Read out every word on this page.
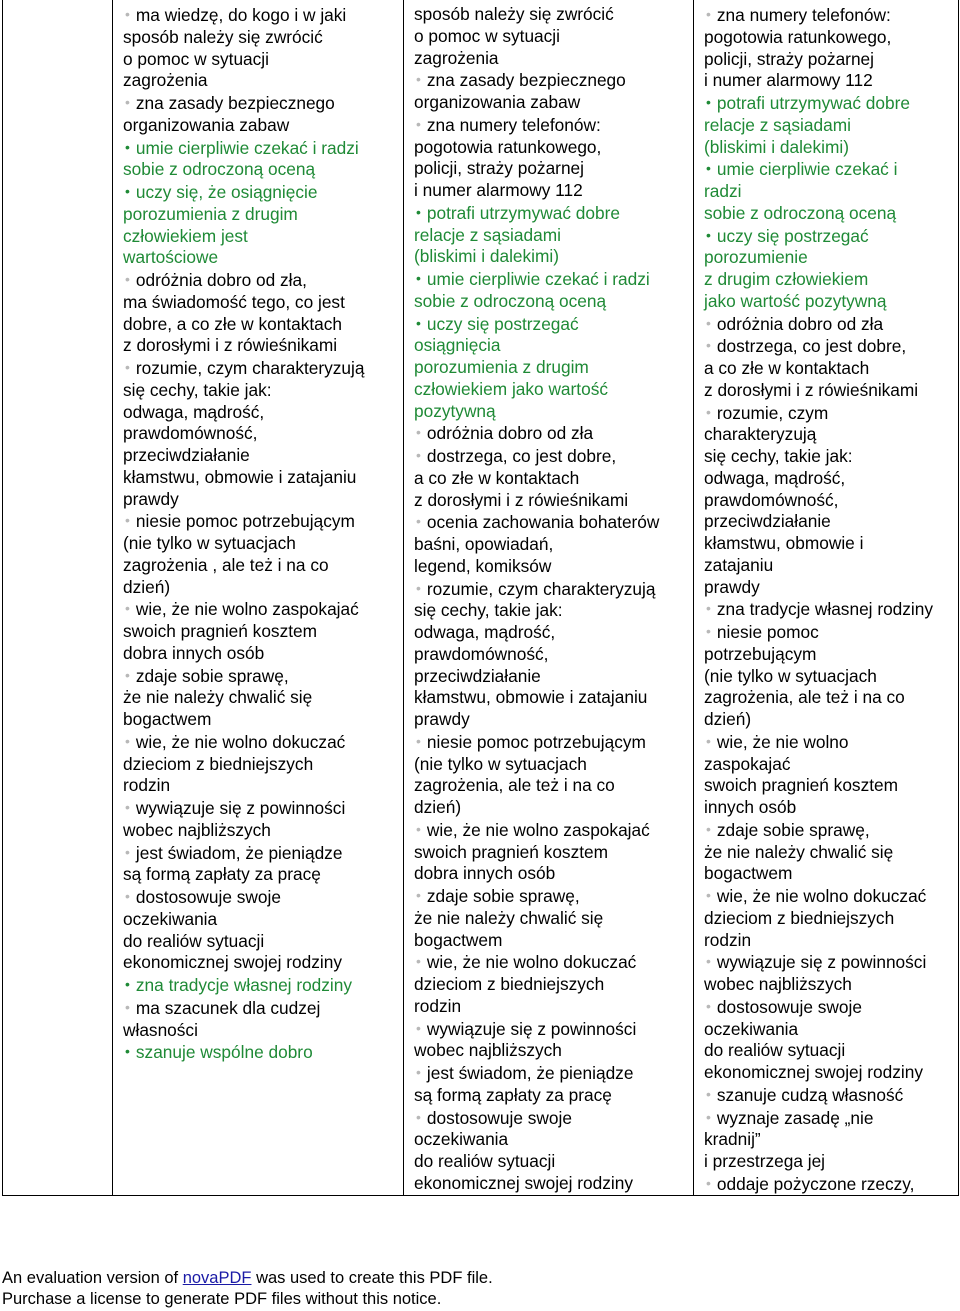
• ma wiedzę, do kogo i w jaki
sposób należy się zwrócić
o pomoc w sytuacji
zagrożenia
• zna zasady bezpiecznego
organizowania zabaw
• umie cierpliwie czekać i radzi
sobie z odroczoną oceną
• uczy się, że osiągnięcie
porozumienia z drugim
człowiekiem jest
wartościowe
• odróżnia dobro od zła,
ma świadomość tego, co jest
dobre, a co złe w kontaktach
z dorosłymi i z rówieśnikami
• rozumie, czym charakteryzują
się cechy, takie jak:
odwaga, mądrość,
prawdomówność,
przeciwdziałanie
kłamstwu, obmowie i zatajaniu
prawdy
• niesie pomoc potrzebującym
(nie tylko w sytuacjach
zagrożenia , ale też i na co
dzień)
• wie, że nie wolno zaspokajać
swoich pragnień kosztem
dobra innych osób
• zdaje sobie sprawę,
że nie należy chwalić się
bogactwem
• wie, że nie wolno dokuczać
dzieciom z biedniejszych
rodzin
• wywiązuje się z powinności
wobec najbliższych
• jest świadom, że pieniądze
są formą zapłaty za pracę
• dostosowuje swoje
oczekiwania
do realiów sytuacji
ekonomicznej swojej rodziny
• zna tradycje własnej rodziny
• ma szacunek dla cudzej
własności
• szanuje wspólne dobro
sposób należy się zwrócić
o pomoc w sytuacji
zagrożenia
• zna zasady bezpiecznego
organizowania zabaw
• zna numery telefonów:
pogotowia ratunkowego,
policji, straży pożarnej
i numer alarmowy 112
• potrafi utrzymywać dobre
relacje z sąsiadami
(bliskimi i dalekimi)
• umie cierpliwie czekać i radzi
sobie z odroczoną oceną
• uczy się postrzegać
osiągnięcia
porozumienia z drugim
człowiekiem jako wartość
pozytywną
• odróżnia dobro od zła
• dostrzega, co jest dobre,
a co złe w kontaktach
z dorosłymi i z rówieśnikami
• ocenia zachowania bohaterów
baśni, opowiadań,
legend, komiksów
• rozumie, czym charakteryzują
się cechy, takie jak:
odwaga, mądrość,
prawdomówność,
przeciwdziałanie
kłamstwu, obmowie i zatajaniu
prawdy
• niesie pomoc potrzebującym
(nie tylko w sytuacjach
zagrożenia, ale też i na co
dzień)
• wie, że nie wolno zaspokajać
swoich pragnień kosztem
dobra innych osób
• zdaje sobie sprawę,
że nie należy chwalić się
bogactwem
• wie, że nie wolno dokuczać
dzieciom z biedniejszych
rodzin
• wywiązuje się z powinności
wobec najbliższych
• jest świadom, że pieniądze
są formą zapłaty za pracę
• dostosowuje swoje
oczekiwania
do realiów sytuacji
ekonomicznej swojej rodziny
• zna numery telefonów:
pogotowia ratunkowego,
policji, straży pożarnej
i numer alarmowy 112
• potrafi utrzymywać dobre
relacje z sąsiadami
(bliskimi i dalekimi)
• umie cierpliwie czekać i
radzi
sobie z odroczoną oceną
• uczy się postrzegać
porozumienie
z drugim człowiekiem
jako wartość pozytywną
• odróżnia dobro od zła
• dostrzega, co jest dobre,
a co złe w kontaktach
z dorosłymi i z rówieśnikami
• rozumie, czym
charakteryzują
się cechy, takie jak:
odwaga, mądrość,
prawdomówność,
przeciwdziałanie
kłamstwu, obmowie i
zatajaniu
prawdy
• zna tradycje własnej rodziny
• niesie pomoc
potrzebującym
(nie tylko w sytuacjach
zagrożenia, ale też i na co
dzień)
• wie, że nie wolno
zaspokajać
swoich pragnień kosztem
innych osób
• zdaje sobie sprawę,
że nie należy chwalić się
bogactwem
• wie, że nie wolno dokuczać
dzieciom z biedniejszych
rodzin
• wywiązuje się z powinności
wobec najbliższych
• dostosowuje swoje
oczekiwania
do realiów sytuacji
ekonomicznej swojej rodziny
• szanuje cudzą własność
• wyznaje zasadę „nie
kradnij”
i przestrzega jej
• oddaje pożyczone rzeczy,
An evaluation version of novaPDF was used to create this PDF file.
Purchase a license to generate PDF files without this notice.
